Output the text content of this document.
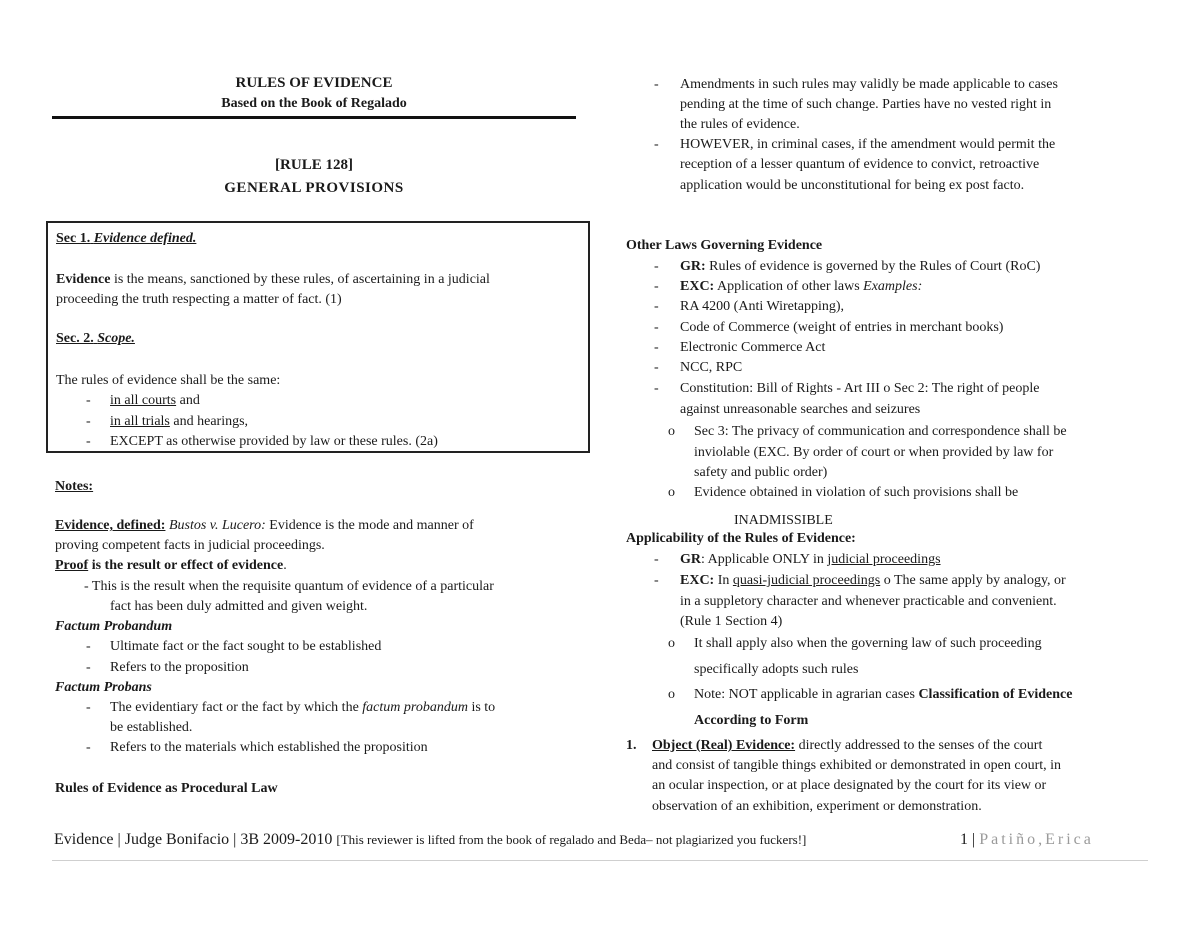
RULES OF EVIDENCE
Based on the Book of Regalado
[RULE 128]
GENERAL PROVISIONS
Sec 1. Evidence defined.
Evidence is the means, sanctioned by these rules, of ascertaining in a judicial
proceeding the truth respecting a matter of fact. (1)
Sec. 2. Scope.
The rules of evidence shall be the same:
- in all courts and
- in all trials and hearings,
- EXCEPT as otherwise provided by law or these rules. (2a)
Notes:
Evidence, defined: Bustos v. Lucero: Evidence is the mode and manner of
proving competent facts in judicial proceedings.
Proof is the result or effect of evidence.
- This is the result when the requisite quantum of evidence of a particular
fact has been duly admitted and given weight.
Factum Probandum
- Ultimate fact or the fact sought to be established
- Refers to the proposition
Factum Probans
- The evidentiary fact or the fact by which the factum probandum is to
be established.
- Refers to the materials which established the proposition
Rules of Evidence as Procedural Law
- Amendments in such rules may validly be made applicable to cases
pending at the time of such change. Parties have no vested right in
the rules of evidence.
- HOWEVER, in criminal cases, if the amendment would permit the
reception of a lesser quantum of evidence to convict, retroactive
application would be unconstitutional for being ex post facto.
Other Laws Governing Evidence
- GR: Rules of evidence is governed by the Rules of Court (RoC)
- EXC: Application of other laws Examples:
- RA 4200 (Anti Wiretapping),
- Code of Commerce (weight of entries in merchant books)
- Electronic Commerce Act
- NCC, RPC
- Constitution: Bill of Rights - Art III o Sec 2: The right of people
against unreasonable searches and seizures
o Sec 3: The privacy of communication and correspondence shall be
inviolable (EXC. By order of court or when provided by law for
safety and public order)
o Evidence obtained in violation of such provisions shall be
INADMISSIBLE
Applicability of the Rules of Evidence:
- GR: Applicable ONLY in judicial proceedings
- EXC: In quasi-judicial proceedings o The same apply by analogy, or
in a suppletory character and whenever practicable and convenient.
(Rule 1 Section 4)
o It shall apply also when the governing law of such proceeding
specifically adopts such rules
o Note: NOT applicable in agrarian cases Classification of Evidence
According to Form
1. Object (Real) Evidence: directly addressed to the senses of the court
and consist of tangible things exhibited or demonstrated in open court, in
an ocular inspection, or at place designated by the court for its view or
observation of an exhibition, experiment or demonstration.
Evidence | Judge Bonifacio | 3B 2009-2010 [This reviewer is lifted from the book of regalado and Beda– not plagiarized you fuckers!]	1 | Patiño,Erica
